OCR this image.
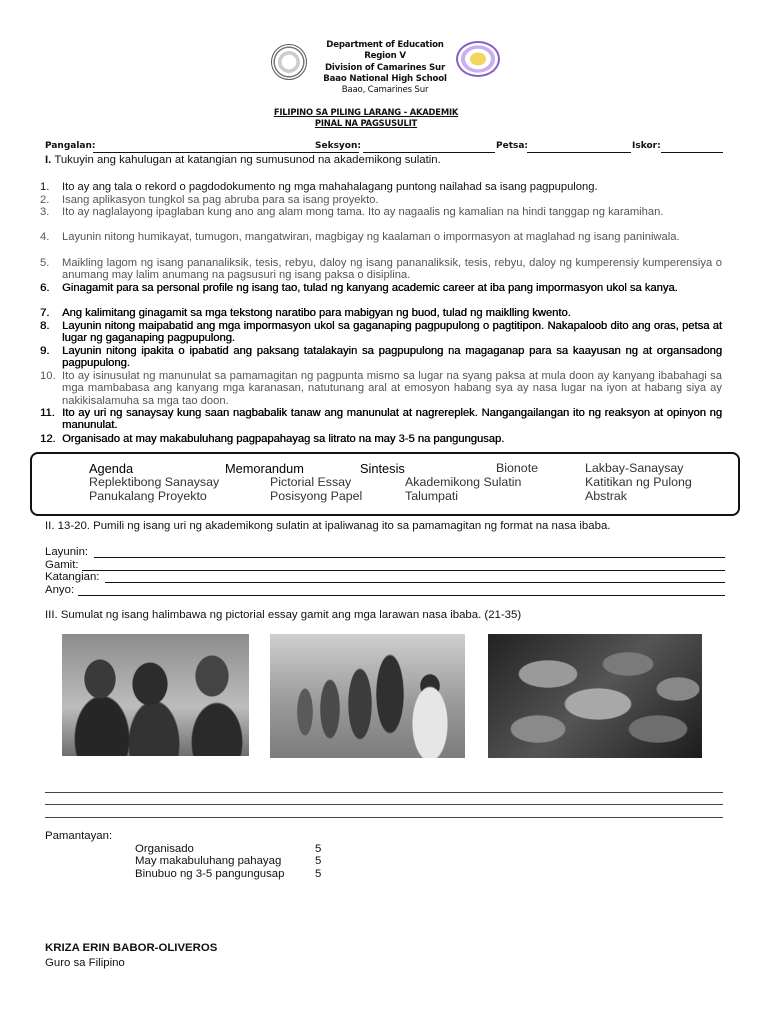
Department of Education
Region V
Division of Camarines Sur
Baao National High School
Baao, Camarines Sur
FILIPINO SA PILING LARANG - AKADEMIK
PINAL NA PAGSUSULIT
Pangalan:	Seksyon:	Petsa:	Iskor:
I. Tukuyin ang kahulugan at katangian ng sumusunod na akademikong sulatin.
1. Ito ay ang tala o rekord o pagdodokumento ng mga mahahalagang puntong nailahad sa isang pagpupulong.
2. Isang aplikasyon tungkol sa pag abruba para sa isang proyekto.
3. Ito ay naglalayong ipaglaban kung ano ang alam mong tama. Ito ay nagaalis ng kamalian na hindi tanggap ng karamihan.
4. Layunin nitong humikayat, tumugon, mangatwiran, magbigay ng kaalaman o impormasyon at maglahad ng isang paniniwala.
5. Maikling lagom ng isang pananaliksik, tesis, rebyu, daloy ng isang pananaliksik, tesis, rebyu, daloy ng kumperensiy kumperensiya o anumang may lalim anumang na pagsusuri ng isang paksa o disiplina.
6. Ginagamit para sa personal profile ng isang tao, tulad ng kanyang academic career at iba pang impormasyon ukol sa kanya.
7. Ang kalimitang ginagamit sa mga tekstong naratibo para mabigyan ng buod, tulad ng maiklling kwento.
8. Layunin nitong maipabatid ang mga impormasyon ukol sa gaganaping pagpupulong o pagtitipon. Nakapaloob dito ang oras, petsa at lugar ng gaganaping pagpupulong.
9. Layunin nitong ipakita o ipabatid ang paksang tatalakayin sa pagpupulong na magaganap para sa kaayusan ng at organsadong pagpupulong.
10. Ito ay isinusulat ng manunulat sa pamamagitan ng pagpunta mismo sa lugar na syang paksa at mula doon ay kanyang ibabahagi sa mga mambabasa ang kanyang mga karanasan, natutunang aral at emosyon habang sya ay nasa lugar na iyon at habang siya ay nakikisalamuha sa mga tao doon.
11. Ito ay uri ng sanaysay kung saan nagbabalik tanaw ang manunulat at nagrereplek. Nangangailangan ito ng reaksyon at opinyon ng manunulat.
12. Organisado at may makabuluhang pagpapahayag sa litrato na may 3-5 na pangungusap.
Agenda	Memorandum	Sintesis	Bionote	Lakbay-Sanaysay
Replektibong Sanaysay	Pictorial Essay	Akademikong Sulatin	Katitikan ng Pulong
Panukalang Proyekto	Posisyong Papel	Talumpati	Abstrak
II. 13-20. Pumili ng isang uri ng akademikong sulatin at ipaliwanag ito sa pamamagitan ng format na nasa ibaba.
Layunin:
Gamit:
Katangian:
Anyo:
III. Sumulat ng isang halimbawa ng pictorial essay gamit ang mga larawan nasa ibaba. (21-35)
Pamantayan:
Organisado	5
May makabuluhang pahayag	5
Binubuo ng 3-5 pangungusap	5
KRIZA ERIN BABOR-OLIVEROS
Guro sa Filipino
